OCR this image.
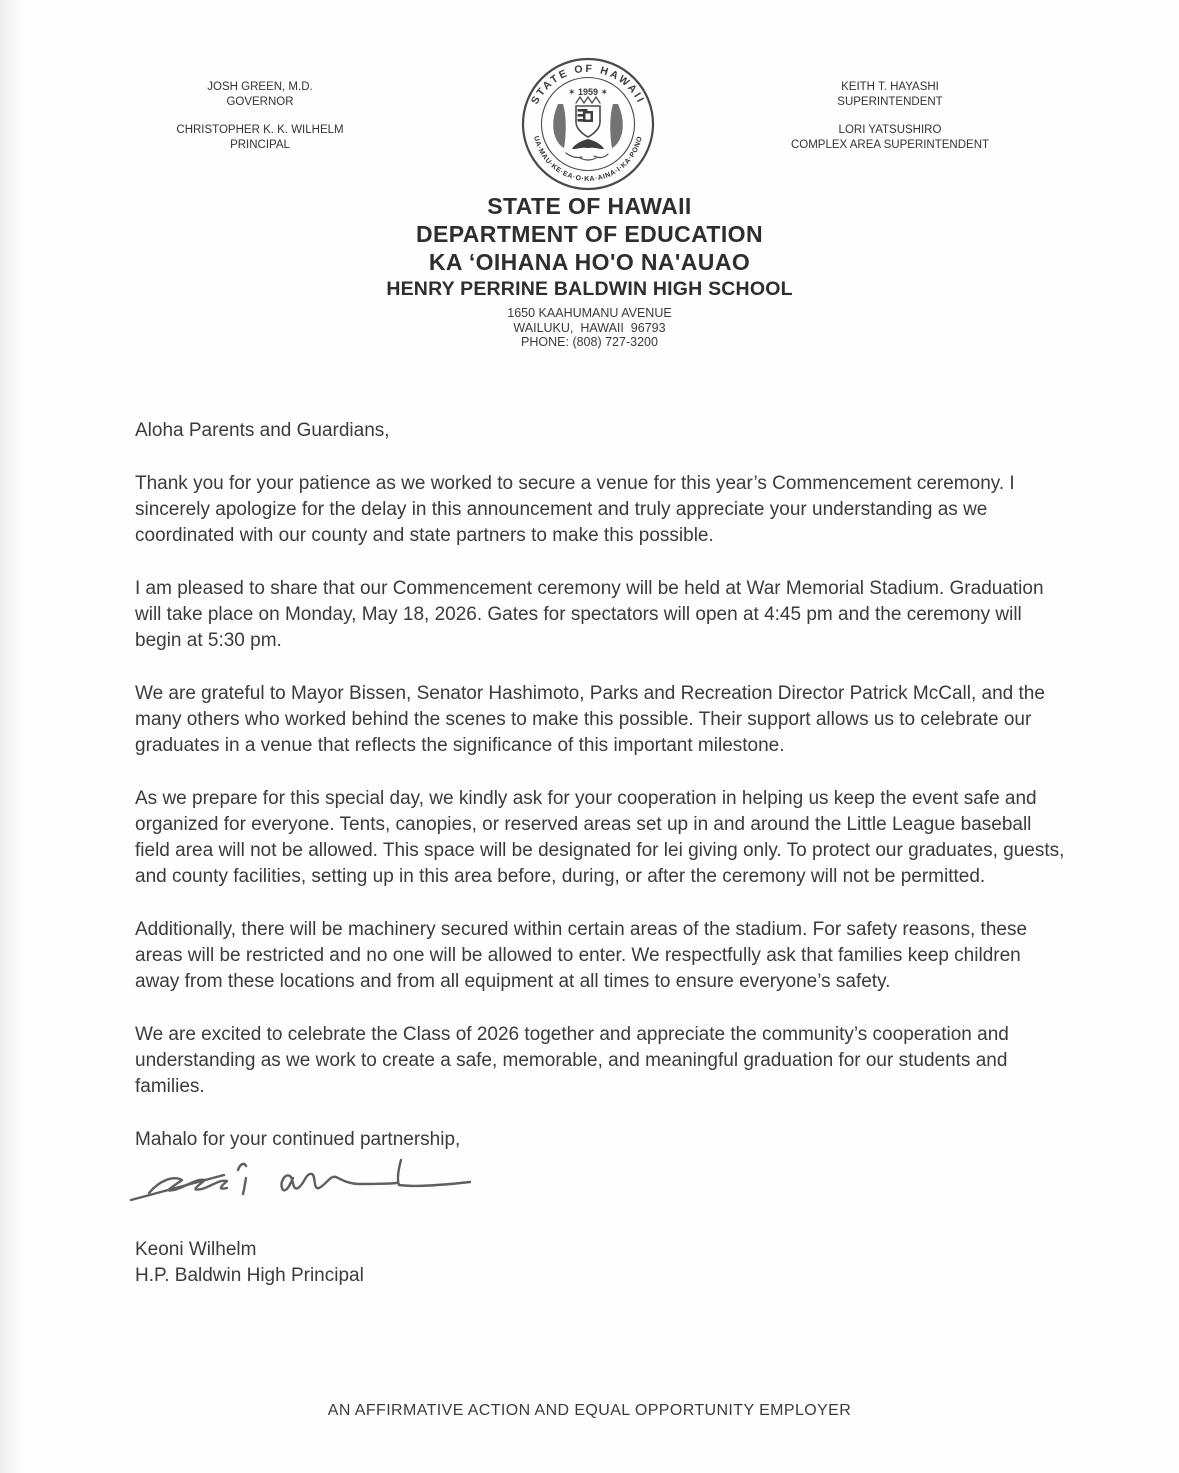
JOSH GREEN, M.D.
GOVERNOR
CHRISTOPHER K. K. WILHELM
PRINCIPAL
KEITH T. HAYASHI
SUPERINTENDENT
LORI YATSUSHIRO
COMPLEX AREA SUPERINTENDENT
STATE OF HAWAII
✶ 1959 ✶
UA·MAU·KE·EA·O·KA·AINA·I·KA·PONO
STATE OF HAWAII
DEPARTMENT OF EDUCATION
KA ʻOIHANA HO'O NA'AUAO
HENRY PERRINE BALDWIN HIGH SCHOOL
1650 KAAHUMANU AVENUE
WAILUKU,  HAWAII  96793
PHONE: (808) 727-3200

Aloha Parents and Guardians,

Thank you for your patience as we worked to secure a venue for this year’s Commencement ceremony. I sincerely apologize for the delay in this announcement and truly appreciate your understanding as we coordinated with our county and state partners to make this possible.

I am pleased to share that our Commencement ceremony will be held at War Memorial Stadium. Graduation will take place on Monday, May 18, 2026. Gates for spectators will open at 4:45 pm and the ceremony will begin at 5:30 pm.

We are grateful to Mayor Bissen, Senator Hashimoto, Parks and Recreation Director Patrick McCall, and the many others who worked behind the scenes to make this possible. Their support allows us to celebrate our graduates in a venue that reflects the significance of this important milestone.

As we prepare for this special day, we kindly ask for your cooperation in helping us keep the event safe and organized for everyone. Tents, canopies, or reserved areas set up in and around the Little League baseball field area will not be allowed. This space will be designated for lei giving only. To protect our graduates, guests, and county facilities, setting up in this area before, during, or after the ceremony will not be permitted.

Additionally, there will be machinery secured within certain areas of the stadium. For safety reasons, these areas will be restricted and no one will be allowed to enter. We respectfully ask that families keep children away from these locations and from all equipment at all times to ensure everyone’s safety.

We are excited to celebrate the Class of 2026 together and appreciate the community’s cooperation and understanding as we work to create a safe, memorable, and meaningful graduation for our students and families.

Mahalo for your continued partnership,

Keoni Wilhelm
H.P. Baldwin High Principal
AN AFFIRMATIVE ACTION AND EQUAL OPPORTUNITY EMPLOYER
